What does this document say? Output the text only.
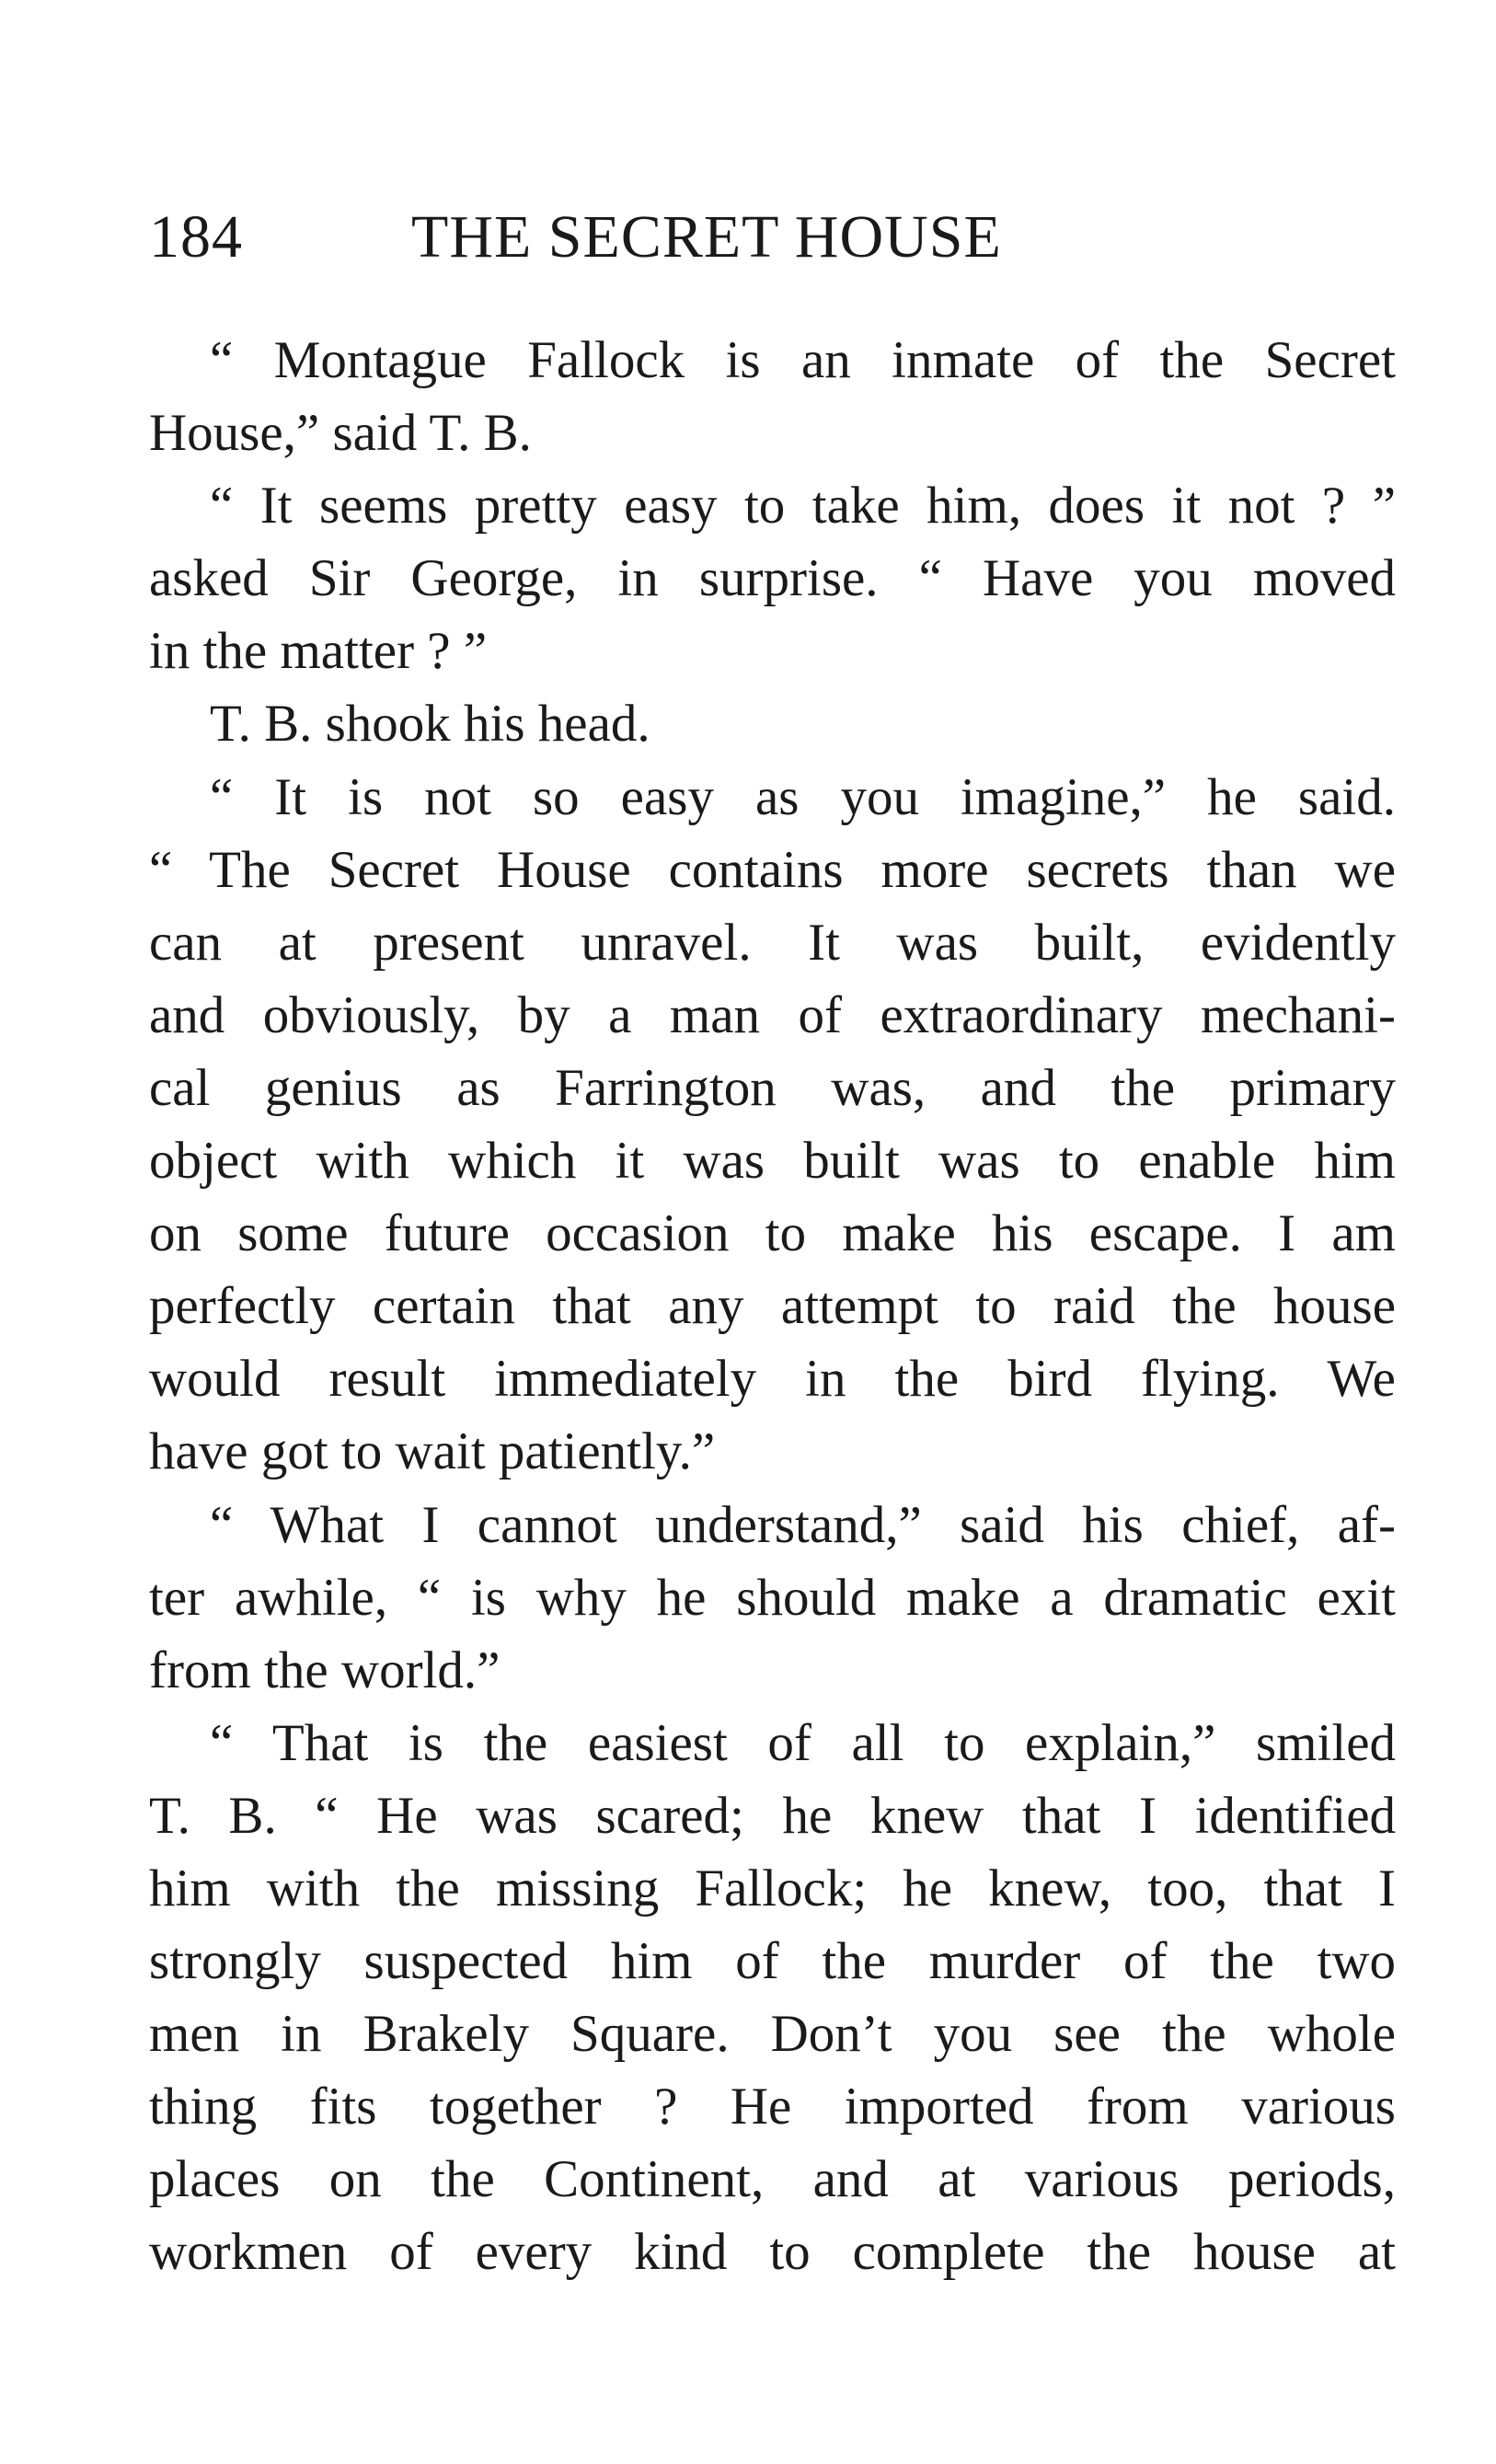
184	THE SECRET HOUSE
“ Montague Fallock is an inmate of the Secret
House,” said T. B.
“ It seems pretty easy to take him, does it not ? ”
asked Sir George, in surprise. “ Have you moved
in the matter ? ”
T. B. shook his head.
“ It is not so easy as you imagine,” he said.
“ The Secret House contains more secrets than we
can at present unravel. It was built, evidently
and obviously, by a man of extraordinary mechani-
cal genius as Farrington was, and the primary
object with which it was built was to enable him
on some future occasion to make his escape. I am
perfectly certain that any attempt to raid the house
would result immediately in the bird flying. We
have got to wait patiently.”
“ What I cannot understand,” said his chief, af-
ter awhile, “ is why he should make a dramatic exit
from the world.”
“ That is the easiest of all to explain,” smiled
T. B. “ He was scared; he knew that I identified
him with the missing Fallock; he knew, too, that I
strongly suspected him of the murder of the two
men in Brakely Square. Don’t you see the whole
thing fits together ? He imported from various
places on the Continent, and at various periods,
workmen of every kind to complete the house at
